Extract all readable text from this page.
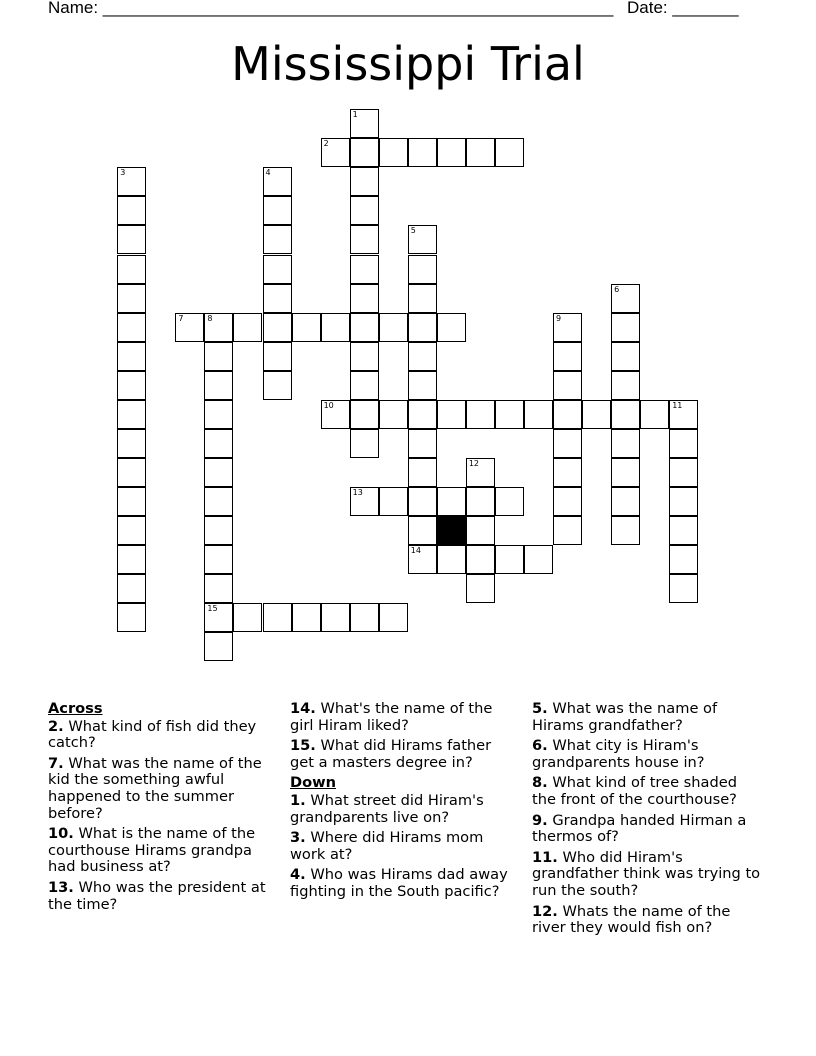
Name: ______________________________________________________ Date: _______
Mississippi Trial
1
2
3	4
5
14
6
7	8
15
9
10	11
12
13
Across
2. What kind of fish did they catch?
7. What was the name of the kid the something awful happened to the summer before?
10. What is the name of the courthouse Hirams grandpa had business at?
13. Who was the president at the time?
14. What's the name of the girl Hiram liked?
15. What did Hirams father get a masters degree in?
Down
1. What street did Hiram's grandparents live on?
3. Where did Hirams mom work at?
4. Who was Hirams dad away fighting in the South pacific?
5. What was the name of Hirams grandfather?
6. What city is Hiram's grandparents house in?
8. What kind of tree shaded the front of the courthouse?
9. Grandpa handed Hirman a thermos of?
11. Who did Hiram's grandfather think was trying to run the south?
12. Whats the name of the river they would fish on?
